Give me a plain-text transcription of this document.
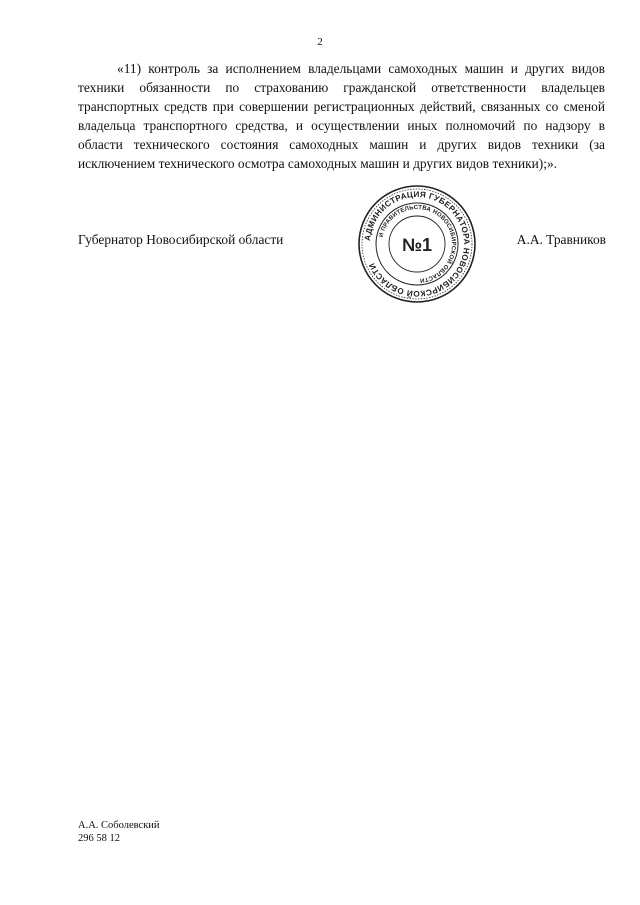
2

«11) контроль за исполнением владельцами самоходных машин и других видов техники обязанности по страхованию гражданской ответственности владельцев транспортных средств при совершении регистрационных действий, связанных со сменой владельца транспортного средства, и осуществлении иных полномочий по надзору в области технического состояния самоходных машин и других видов техники (за исключением технического осмотра самоходных машин и других видов техники);».

Губернатор Новосибирской области	А.А. Травников
АДМИНИСТРАЦИЯ ГУБЕРНАТОРА НОВОСИБИРСКОЙ ОБЛАСТИ
И ПРАВИТЕЛЬСТВА НОВОСИБИРСКОЙ ОБЛАСТИ
№1
А.А. Соболевский
296 58 12
